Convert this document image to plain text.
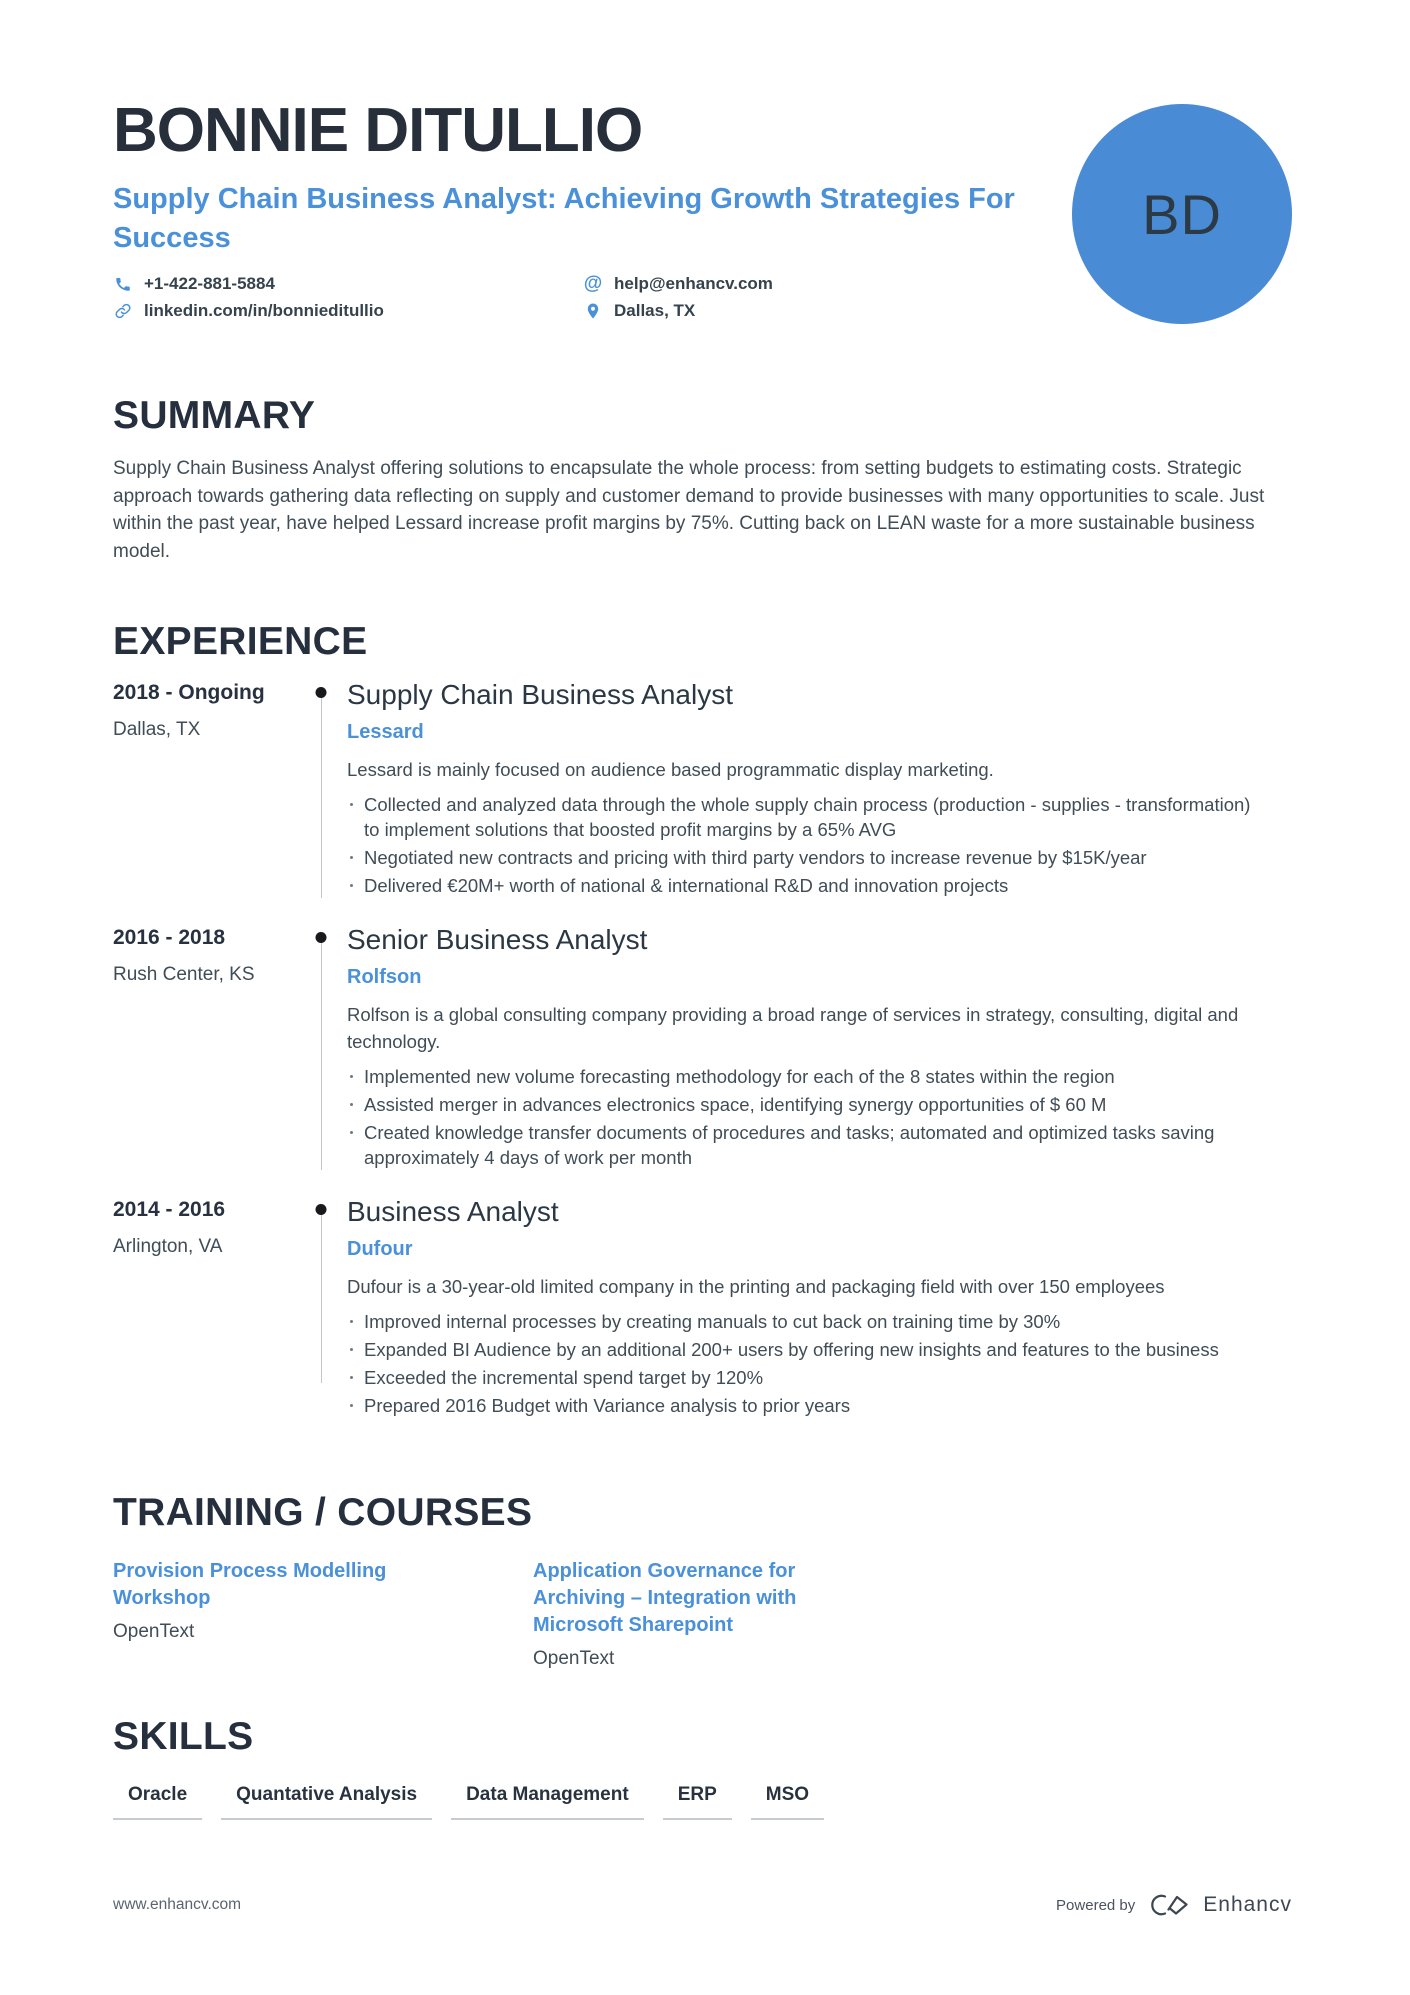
BONNIE DITULLIO
Supply Chain Business Analyst: Achieving Growth Strategies For Success
+1-422-881-5884	@ help@enhancv.com
linkedin.com/in/bonnieditullio	Dallas, TX
BD
SUMMARY

Supply Chain Business Analyst offering solutions to encapsulate the whole process: from setting budgets to estimating costs. Strategic approach towards gathering data reflecting on supply and customer demand to provide businesses with many opportunities to scale. Just within the past year, have helped Lessard increase profit margins by 75%. Cutting back on LEAN waste for a more sustainable business model.

EXPERIENCE
2018 - Ongoing
Dallas, TX
Supply Chain Business Analyst
Lessard
Lessard is mainly focused on audience based programmatic display marketing.
Collected and analyzed data through the whole supply chain process (production - supplies - transformation) to implement solutions that boosted profit margins by a 65% AVG
Negotiated new contracts and pricing with third party vendors to increase revenue by $15K/year
Delivered €20M+ worth of national & international R&D and innovation projects
2016 - 2018
Rush Center, KS
Senior Business Analyst
Rolfson
Rolfson is a global consulting company providing a broad range of services in strategy, consulting, digital and technology.
Implemented new volume forecasting methodology for each of the 8 states within the region
Assisted merger in advances electronics space, identifying synergy opportunities of $ 60 M
Created knowledge transfer documents of procedures and tasks; automated and optimized tasks saving approximately 4 days of work per month
2014 - 2016
Arlington, VA
Business Analyst
Dufour
Dufour is a 30-year-old limited company in the printing and packaging field with over 150 employees
Improved internal processes by creating manuals to cut back on training time by 30%
Expanded BI Audience by an additional 200+ users by offering new insights and features to the business
Exceeded the incremental spend target by 120%
Prepared 2016 Budget with Variance analysis to prior years
TRAINING / COURSES
Provision Process Modelling Workshop
OpenText
Application Governance for Archiving – Integration with Microsoft Sharepoint
OpenText
SKILLS
Oracle	Quantative Analysis	Data Management	ERP	MSO
www.enhancv.com	Powered by	Enhancv
